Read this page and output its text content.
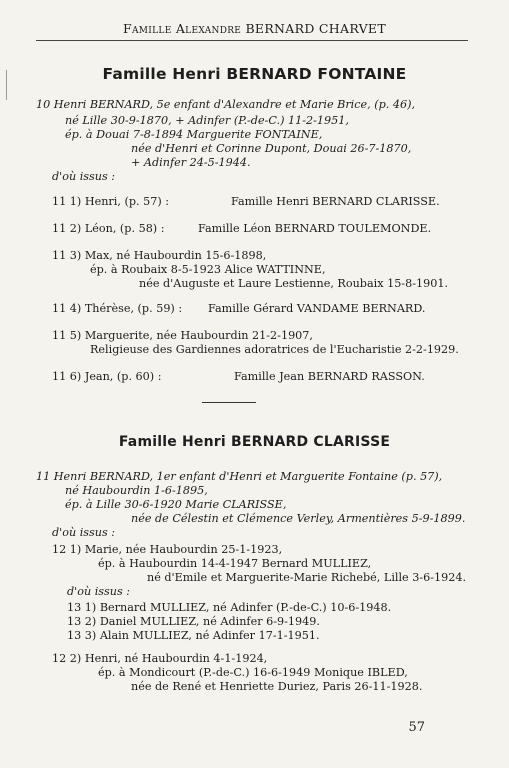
Famille Alexandre BERNARD CHARVET
Famille Henri BERNARD FONTAINE
10 Henri BERNARD, 5e enfant d'Alexandre et Marie Brice, (p. 46),
né Lille 30-9-1870, + Adinfer (P.-de-C.) 11-2-1951,
ép. à Douai 7-8-1894 Marguerite FONTAINE,
née d'Henri et Corinne Dupont, Douai 26-7-1870,
+ Adinfer 24-5-1944.
d'où issus :
11 1) Henri, (p. 57) :	Famille Henri BERNARD CLARISSE.
11 2) Léon, (p. 58) :	Famille Léon BERNARD TOULEMONDE.
11 3) Max, né Haubourdin 15-6-1898,
ép. à Roubaix 8-5-1923 Alice WATTINNE,
née d'Auguste et Laure Lestienne, Roubaix 15-8-1901.
11 4) Thérèse, (p. 59) : Famille Gérard VANDAME BERNARD.
11 5) Marguerite, née Haubourdin 21-2-1907,
Religieuse des Gardiennes adoratrices de l'Eucharistie 2-2-1929.
11 6) Jean, (p. 60) :	Famille Jean BERNARD RASSON.
Famille Henri BERNARD CLARISSE
11 Henri BERNARD, 1er enfant d'Henri et Marguerite Fontaine (p. 57),
né Haubourdin 1-6-1895,
ép. à Lille 30-6-1920 Marie CLARISSE,
née de Célestin et Clémence Verley, Armentières 5-9-1899.
d'où issus :
12 1) Marie, née Haubourdin 25-1-1923,
ép. à Haubourdin 14-4-1947 Bernard MULLIEZ,
né d'Emile et Marguerite-Marie Richebé, Lille 3-6-1924.
d'où issus :
13 1) Bernard MULLIEZ, né Adinfer (P.-de-C.) 10-6-1948.
13 2) Daniel MULLIEZ, né Adinfer 6-9-1949.
13 3) Alain MULLIEZ, né Adinfer 17-1-1951.
12 2) Henri, né Haubourdin 4-1-1924,
ép. à Mondicourt (P.-de-C.) 16-6-1949 Monique IBLED,
née de René et Henriette Duriez, Paris 26-11-1928.
57
